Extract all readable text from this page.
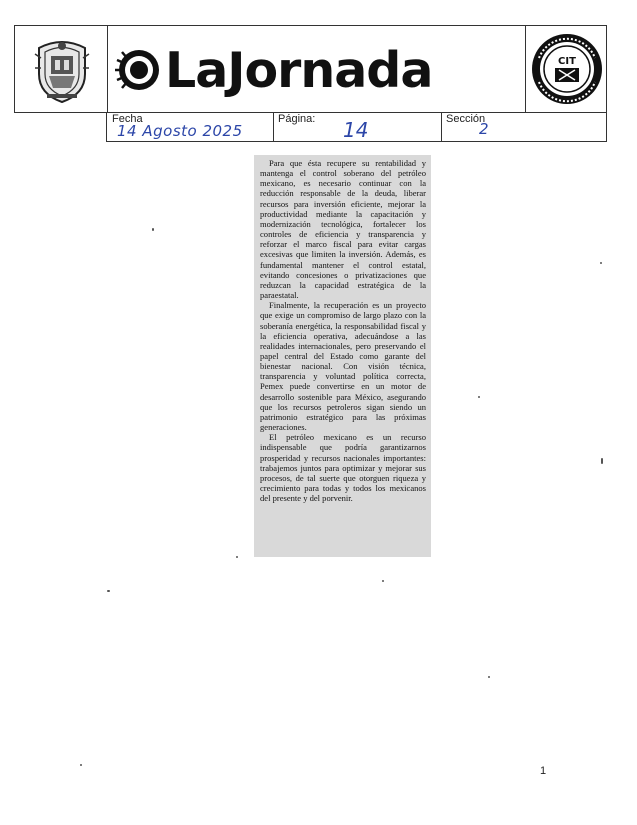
LaJornada	CIT
Fecha
14 Agosto 2025
Página: 14	Sección
2

Para que ésta recupere su rentabilidad y mantenga el control soberano del petróleo mexicano, es necesario continuar con la reducción responsable de la deuda, liberar recursos para inversión eficiente, mejorar la productividad mediante la capacitación y modernización tecnológica, fortalecer los controles de eficiencia y transparencia y reforzar el marco fiscal para evitar cargas excesivas que limiten la inversión. Además, es fundamental mantener el control estatal, evitando concesiones o privatizaciones que reduzcan la capacidad estratégica de la paraestatal.

Finalmente, la recuperación es un proyecto que exige un compromiso de largo plazo con la soberanía energética, la responsabilidad fiscal y la eficiencia operativa, adecuándose a las realidades internacionales, pero preservando el papel central del Estado como garante del bienestar nacional. Con visión técnica, transparencia y voluntad política correcta, Pemex puede convertirse en un motor de desarrollo sostenible para México, asegurando que los recursos petroleros sigan siendo un patrimonio estratégico para las próximas generaciones.

El petróleo mexicano es un recurso indispensable que podría garantizarnos prosperidad y recursos nacionales importantes: trabajemos juntos para optimizar y mejorar sus procesos, de tal suerte que otorguen riqueza y crecimiento para todas y todos los mexicanos del presente y del porvenir.

1
